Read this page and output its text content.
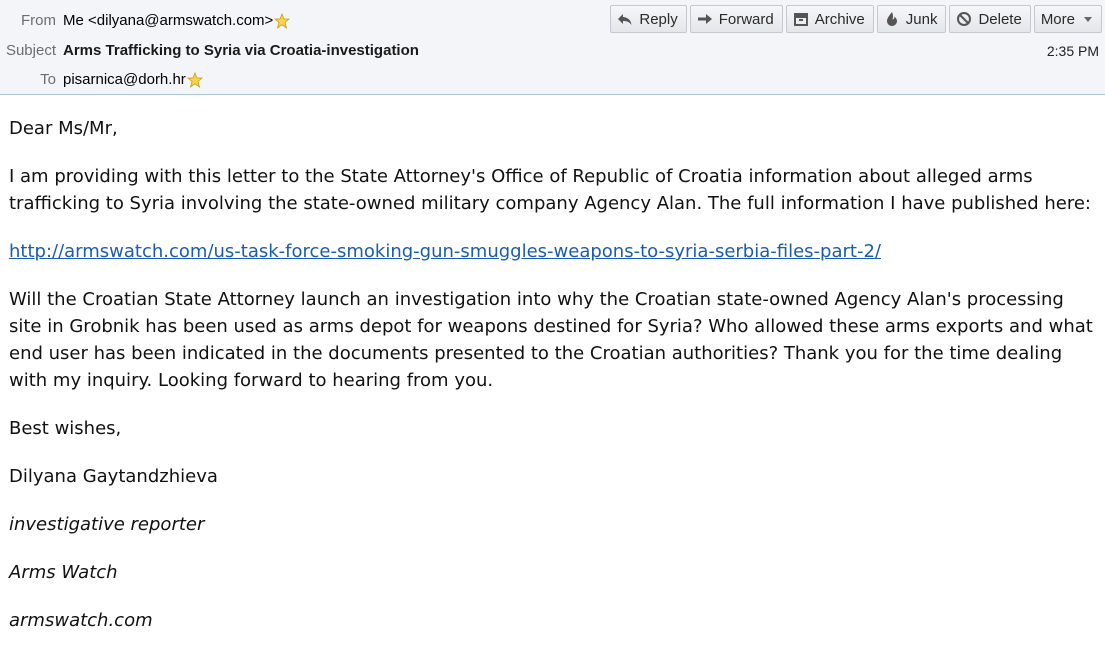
From Me <dilyana@armswatch.com>
Subject Arms Trafficking to Syria via Croatia-investigation
To pisarnica@dorh.hr
2:35 PM
Reply	Forward	Archive	Junk	Delete More

Dear Ms/Mr,

I am providing with this letter to the State Attorney's Office of Republic of Croatia information about alleged arms trafficking to Syria involving the state-owned military company Agency Alan. The full information I have published here:

http://armswatch.com/us-task-force-smoking-gun-smuggles-weapons-to-syria-serbia-files-part-2/

Will the Croatian State Attorney launch an investigation into why the Croatian state-owned Agency Alan's processing site in Grobnik has been used as arms depot for weapons destined for Syria? Who allowed these arms exports and what end user has been indicated in the documents presented to the Croatian authorities? Thank you for the time dealing with my inquiry. Looking forward to hearing from you.

Best wishes,

Dilyana Gaytandzhieva

investigative reporter

Arms Watch

armswatch.com
